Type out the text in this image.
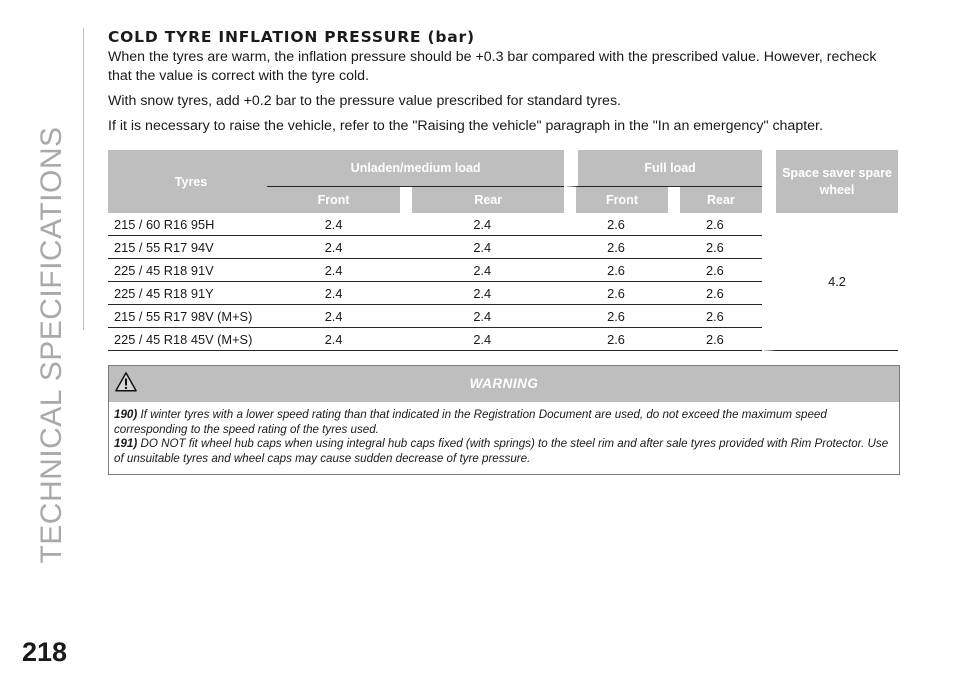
TECHNICAL SPECIFICATIONS
218
COLD TYRE INFLATION PRESSURE (bar)

When the tyres are warm, the inflation pressure should be +0.3 bar compared with the prescribed value. However, recheck that the value is correct with the tyre cold.

With snow tyres, add +0.2 bar to the pressure value prescribed for standard tyres.

If it is necessary to raise the vehicle, refer to the "Raising the vehicle" paragraph in the "In an emergency" chapter.

Tyres	Unladen/medium load		Full load		Space saver spare wheel
	Front	Rear	Front	Rear	
215 / 60 R16 95H	2.4	2.4	2.6	2.6	4.2
215 / 55 R17 94V	2.4	2.4	2.6	2.6	
225 / 45 R18 91V	2.4	2.4	2.6	2.6	
225 / 45 R18 91Y	2.4	2.4	2.6	2.6	
215 / 55 R17 98V (M+S)	2.4	2.4	2.6	2.6	
225 / 45 R18 45V (M+S)	2.4	2.4	2.6	2.6	
WARNING

190) If winter tyres with a lower speed rating than that indicated in the Registration Document are used, do not exceed the maximum speed corresponding to the speed rating of the tyres used.

191) DO NOT fit wheel hub caps when using integral hub caps fixed (with springs) to the steel rim and after sale tyres provided with Rim Protector. Use of unsuitable tyres and wheel caps may cause sudden decrease of tyre pressure.
